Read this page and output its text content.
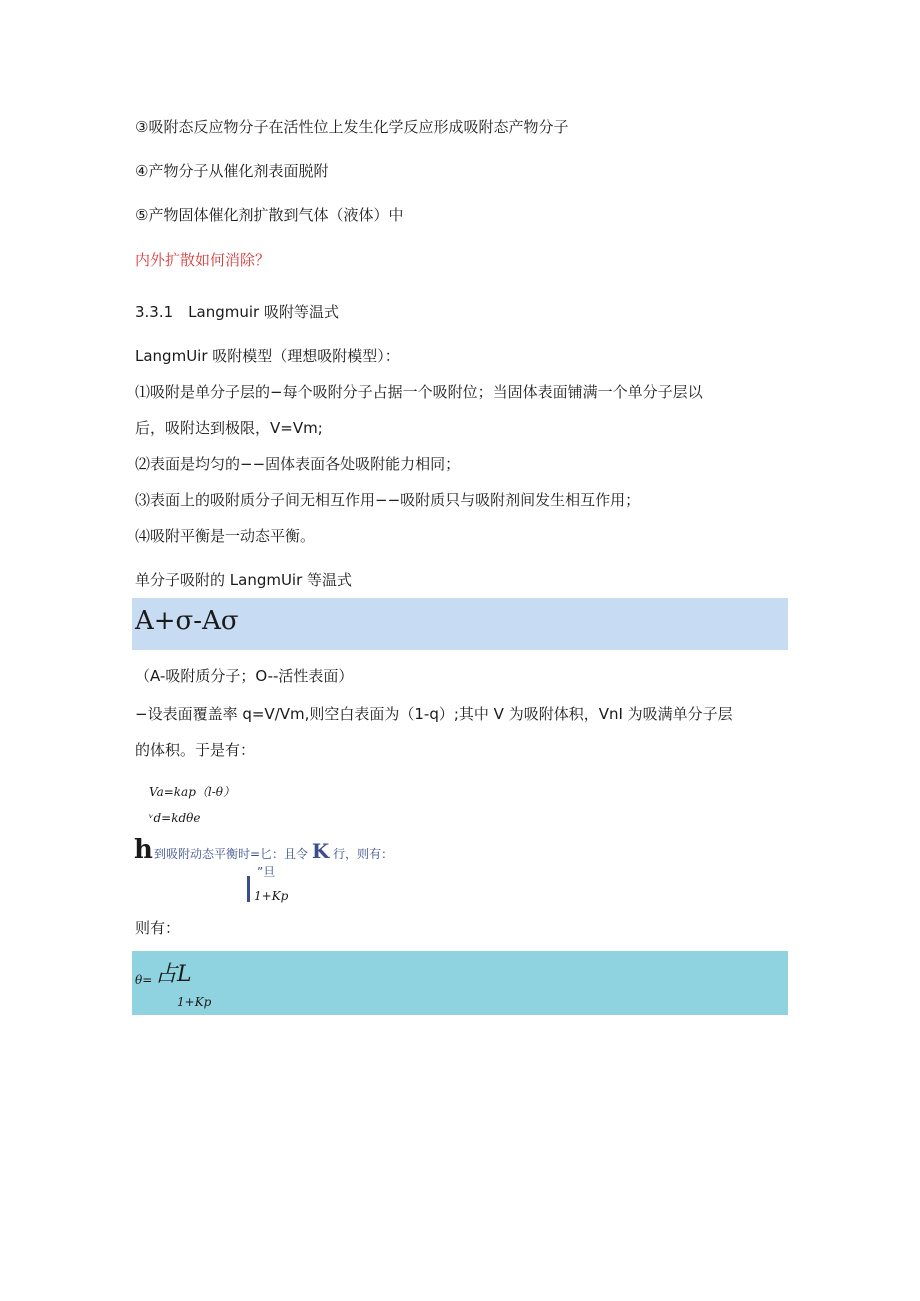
③吸附态反应物分子在活性位上发生化学反应形成吸附态产物分子
④产物分子从催化剂表面脱附
⑤产物固体催化剂扩散到气体（液体）中
内外扩散如何消除？
3.3.1　Langmuir 吸附等温式
LangmUir 吸附模型（理想吸附模型）：
⑴吸附是单分子层的−每个吸附分子占据一个吸附位；当固体表面铺满一个单分子层以
后，吸附达到极限，V=Vm;
⑵表面是均匀的−−固体表面各处吸附能力相同；
⑶表面上的吸附质分子间无相互作用−−吸附质只与吸附剂间发生相互作用；
⑷吸附平衡是一动态平衡。
单分子吸附的 LangmUir 等温式
A+σ-Aσ
（A-吸附质分子；O--活性表面）
−设表面覆盖率 q=V/Vm,则空白表面为（1-q）;其中 V 为吸附体积，VnI 为吸满单分子层
的体积。于是有：
Va=kap（l-θ）
ᵛd=kdθe
h 到吸附动态平衡时=匕：且令 K 行，则有：
”旦
1+Kp
则有：
θ= 占L
1+Kp
